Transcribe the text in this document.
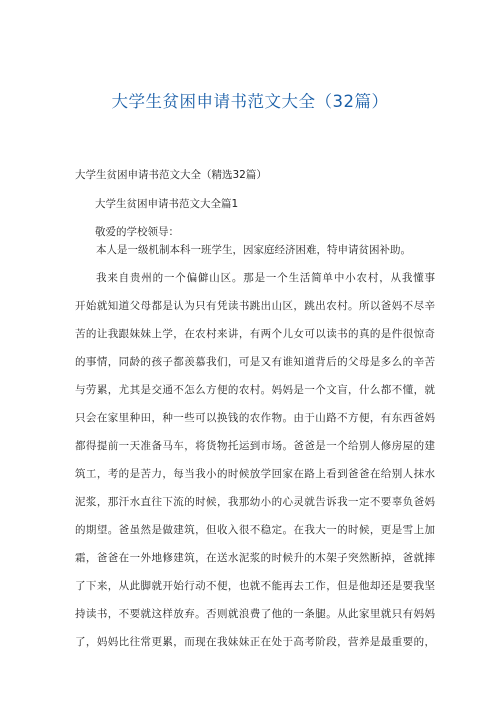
大学生贫困申请书范文大全（32篇）
大学生贫困申请书范文大全（精选32篇）
大学生贫困申请书范文大全篇1
敬爱的学校领导：
本人是一级机制本科一班学生，因家庭经济困难，特申请贫困补助。
我来自贵州的一个偏僻山区。那是一个生活简单中小农村，从我懂事
开始就知道父母都是认为只有凭读书跳出山区，跳出农村。所以爸妈不尽辛
苦的让我跟妹妹上学，在农村来讲，有两个儿女可以读书的真的是件很惊奇
的事情，同龄的孩子都羡慕我们，可是又有谁知道背后的父母是多么的辛苦
与劳累，尤其是交通不怎么方便的农村。妈妈是一个文盲，什么都不懂，就
只会在家里种田，种一些可以换钱的农作物。由于山路不方便，有东西爸妈
都得提前一天准备马车，将货物托运到市场。爸爸是一个给别人修房屋的建
筑工，考的是苦力，每当我小的时候放学回家在路上看到爸爸在给别人抹水
泥浆，那汗水直往下流的时候，我那幼小的心灵就告诉我一定不要辜负爸妈
的期望。爸虽然是做建筑，但收入很不稳定。在我大一的时候，更是雪上加
霜，爸爸在一外地修建筑，在送水泥浆的时候升的木架子突然断掉，爸就摔
了下来，从此脚就开始行动不便，也就不能再去工作，但是他却还是要我坚
持读书，不要就这样放弃。否则就浪费了他的一条腿。从此家里就只有妈妈
了，妈妈比往常更累，而现在我妹妹正在处于高考阶段，营养是最重要的，
